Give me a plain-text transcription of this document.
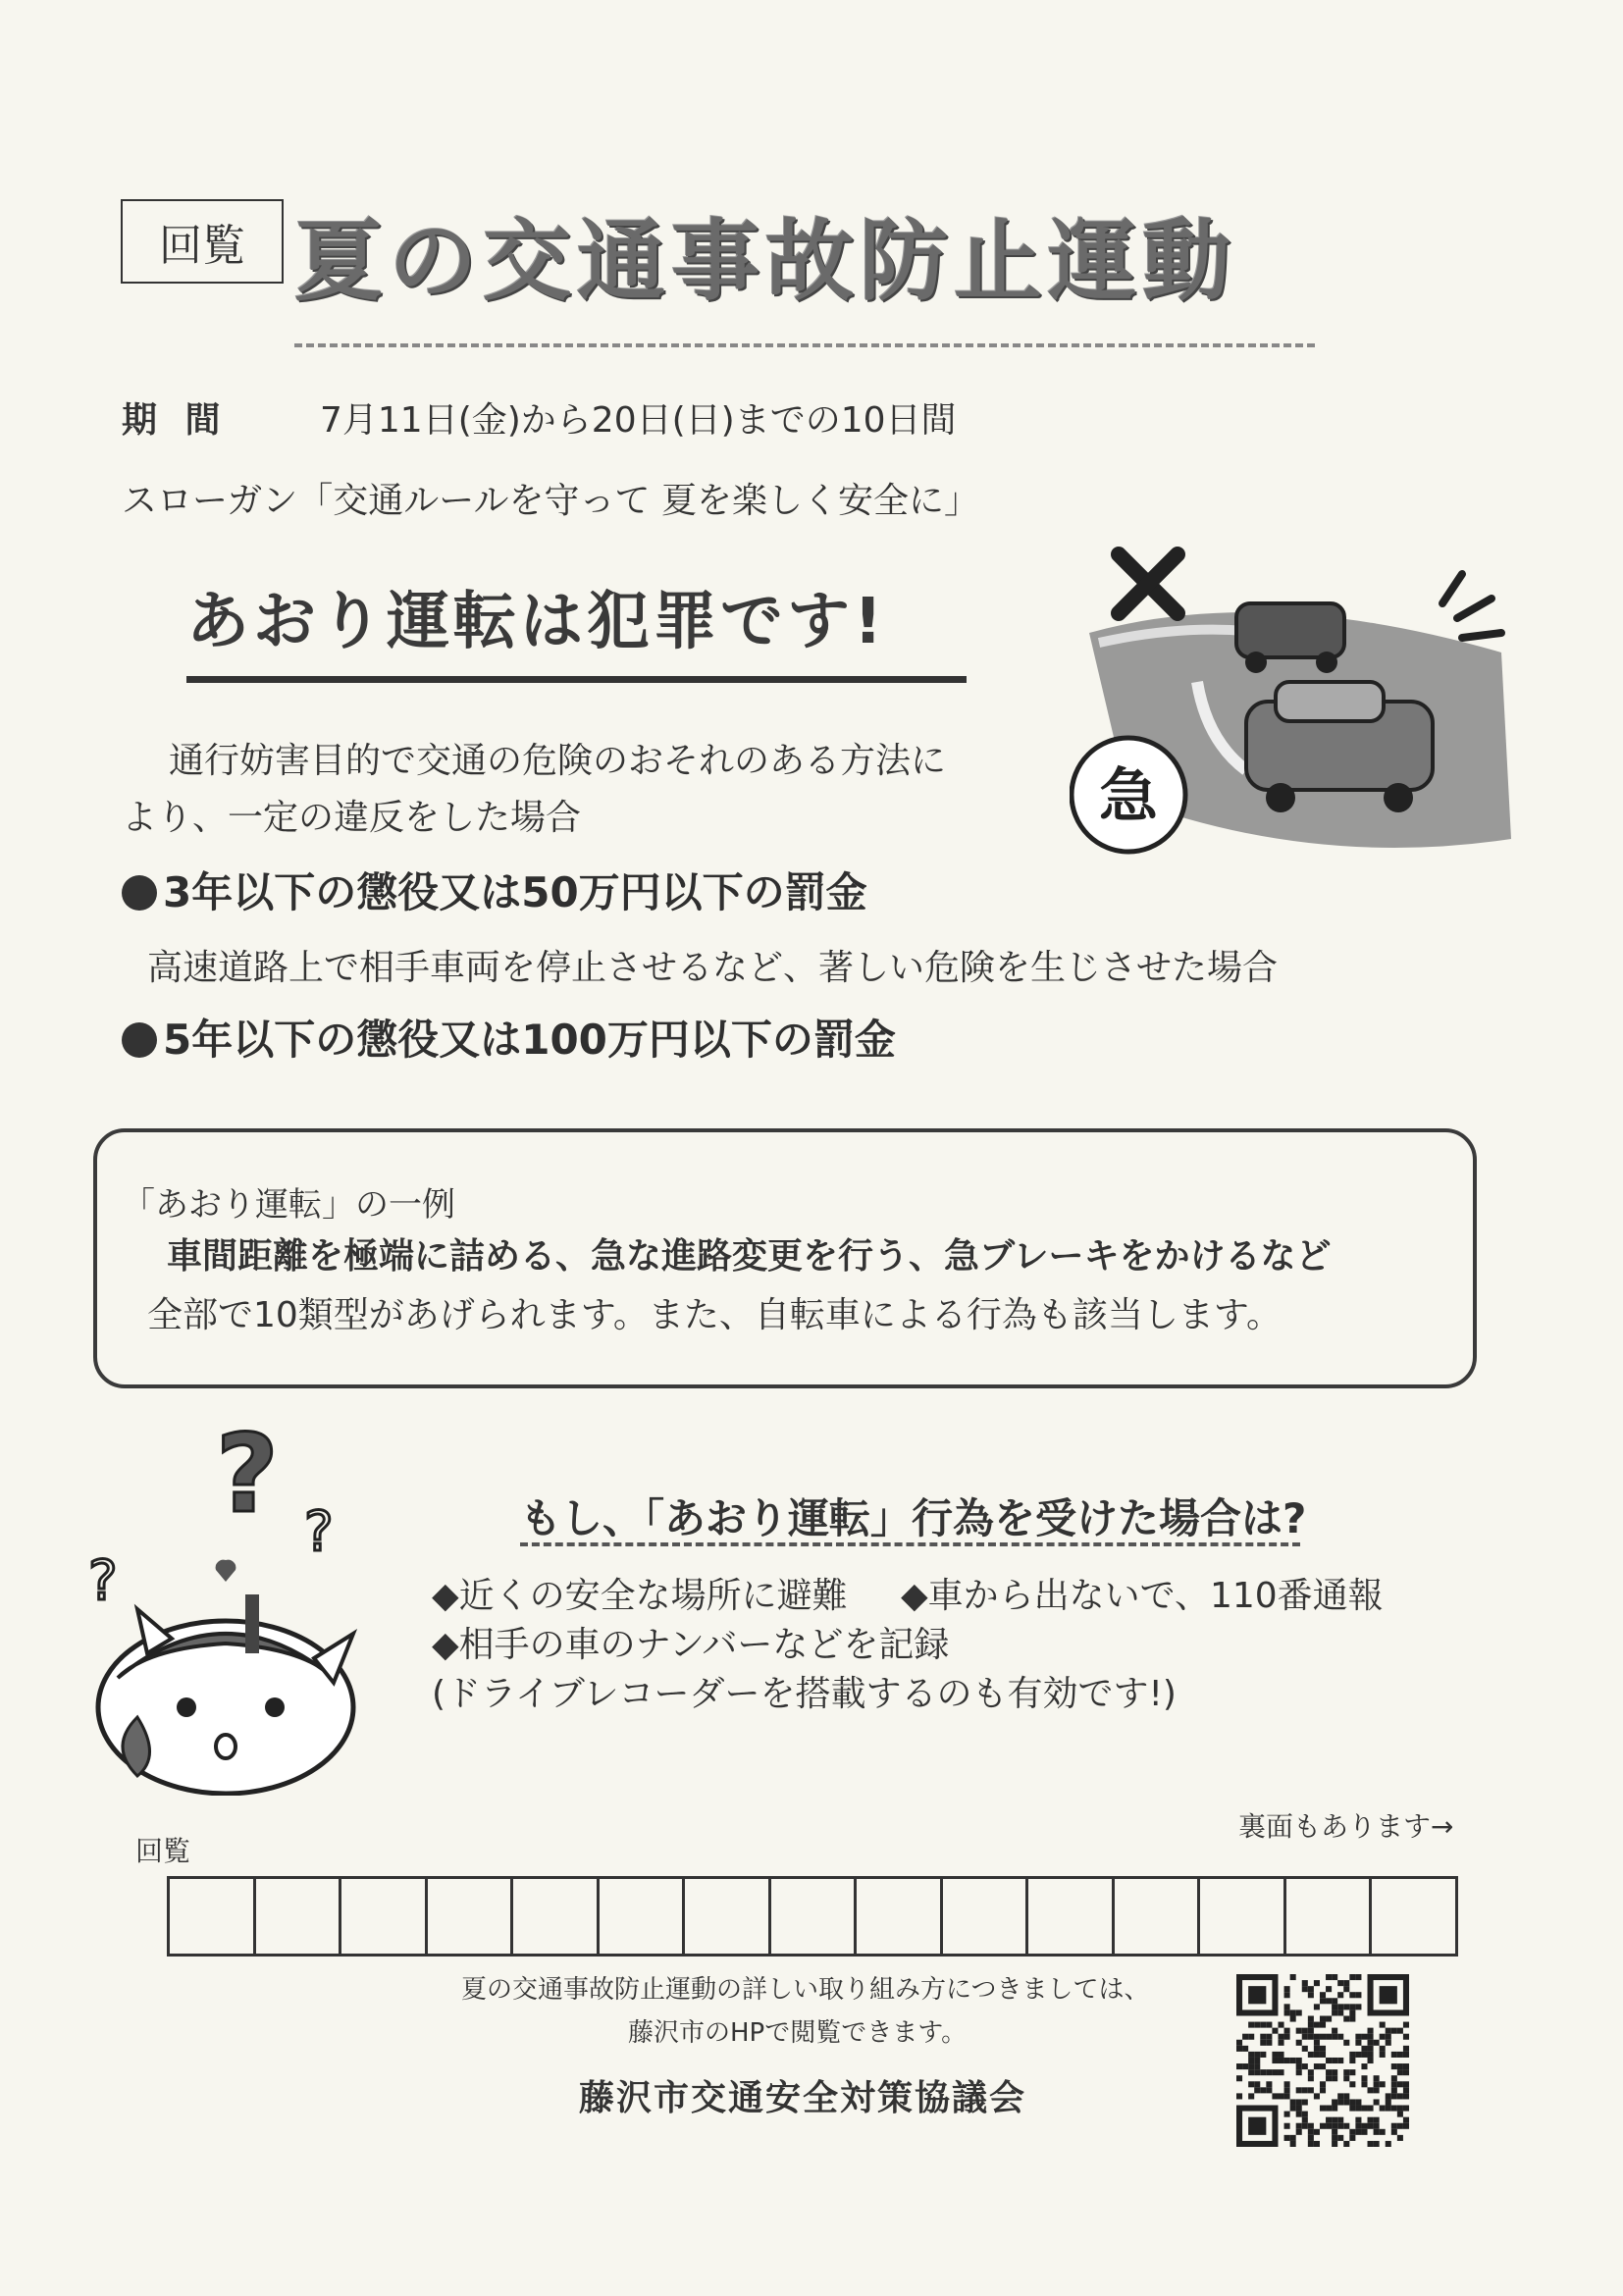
回覧 夏の交通事故防止運動
期 間	7月11日(金)から20日(日)までの10日間
スローガン「交通ルールを守って 夏を楽しく安全に」
あおり運転は犯罪です!
通行妨害目的で交通の危険のおそれのある方法に
より、一定の違反をした場合
3年以下の懲役又は50万円以下の罰金
高速道路上で相手車両を停止させるなど、著しい危険を生じさせた場合
5年以下の懲役又は100万円以下の罰金
急
「あおり運転」の一例
車間距離を極端に詰める、急な進路変更を行う、急ブレーキをかけるなど
全部で10類型があげられます。また、自転車による行為も該当します。
? ?
?
もし、「あおり運転」行為を受けた場合は?
◆近くの安全な場所に避難 ◆車から出ないで、110番通報
◆相手の車のナンバーなどを記録
(ドライブレコーダーを搭載するのも有効です!)
裏面もあります→
回覧
夏の交通事故防止運動の詳しい取り組み方につきましては、
藤沢市のHPで閲覧できます。
藤沢市交通安全対策協議会
